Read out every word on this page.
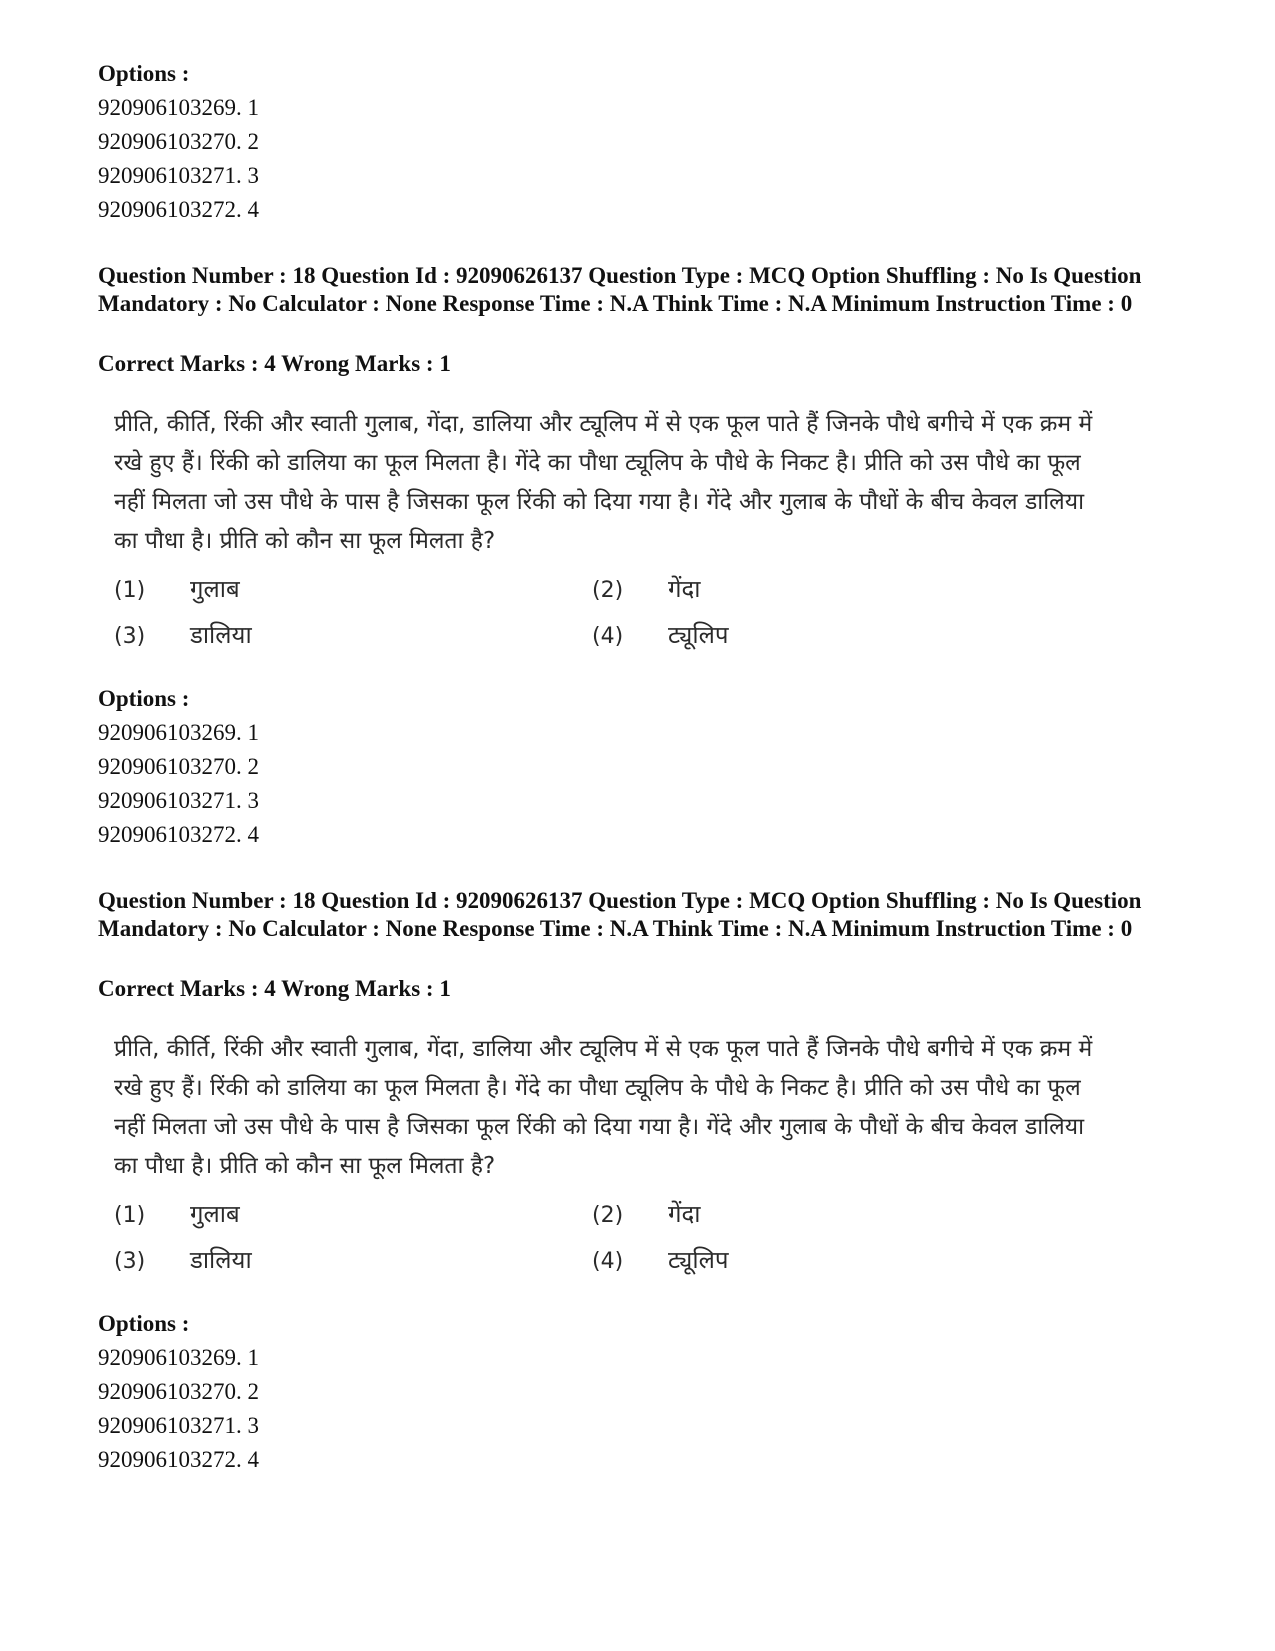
Options :
920906103269. 1
920906103270. 2
920906103271. 3
920906103272. 4
Question Number : 18 Question Id : 92090626137 Question Type : MCQ Option Shuffling : No Is Question Mandatory : No Calculator : None Response Time : N.A Think Time : N.A Minimum Instruction Time : 0
Correct Marks : 4 Wrong Marks : 1
प्रीति, कीर्ति, रिंकी और स्वाती गुलाब, गेंदा, डालिया और ट्यूलिप में से एक फूल पाते हैं जिनके पौधे बगीचे में एक क्रम में रखे हुए हैं। रिंकी को डालिया का फूल मिलता है। गेंदे का पौधा ट्यूलिप के पौधे के निकट है। प्रीति को उस पौधे का फूल नहीं मिलता जो उस पौधे के पास है जिसका फूल रिंकी को दिया गया है। गेंदे और गुलाब के पौधों के बीच केवल डालिया का पौधा है। प्रीति को कौन सा फूल मिलता है?
(1) गुलाब	(2) गेंदा
(3) डालिया	(4) ट्यूलिप
Options :
920906103269. 1
920906103270. 2
920906103271. 3
920906103272. 4
Question Number : 18 Question Id : 92090626137 Question Type : MCQ Option Shuffling : No Is Question Mandatory : No Calculator : None Response Time : N.A Think Time : N.A Minimum Instruction Time : 0
Correct Marks : 4 Wrong Marks : 1
प्रीति, कीर्ति, रिंकी और स्वाती गुलाब, गेंदा, डालिया और ट्यूलिप में से एक फूल पाते हैं जिनके पौधे बगीचे में एक क्रम में रखे हुए हैं। रिंकी को डालिया का फूल मिलता है। गेंदे का पौधा ट्यूलिप के पौधे के निकट है। प्रीति को उस पौधे का फूल नहीं मिलता जो उस पौधे के पास है जिसका फूल रिंकी को दिया गया है। गेंदे और गुलाब के पौधों के बीच केवल डालिया का पौधा है। प्रीति को कौन सा फूल मिलता है?
(1) गुलाब	(2) गेंदा
(3) डालिया	(4) ट्यूलिप
Options :
920906103269. 1
920906103270. 2
920906103271. 3
920906103272. 4
